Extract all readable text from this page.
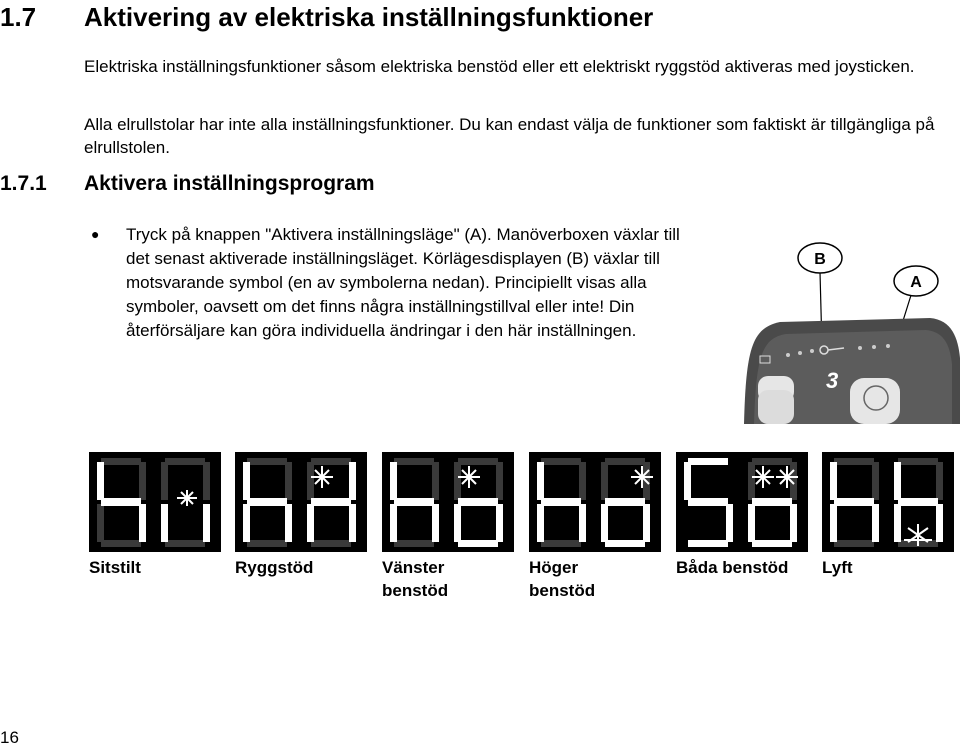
1.7 Aktivering av elektriska inställningsfunktioner
Elektriska inställningsfunktioner såsom elektriska benstöd eller ett elektriskt ryggstöd aktiveras med joysticken.
Alla elrullstolar har inte alla inställningsfunktioner. Du kan endast välja de funktioner som faktiskt är tillgängliga på elrullstolen.
1.7.1 Aktivera inställningsprogram
● Tryck på knappen "Aktivera inställningsläge" (A). Manöverboxen växlar till det senast aktiverade inställningsläget. Körlägesdisplayen (B) växlar till motsvarande symbol (en av symbolerna nedan). Principiellt visas alla symboler, oavsett om det finns några inställningstillval eller inte! Din återförsäljare kan göra individuella ändringar i den här inställningen.
3
B
A
Sitstilt	Ryggstöd	Vänster benstöd
Höger benstöd
Båda benstöd	Lyft
16
